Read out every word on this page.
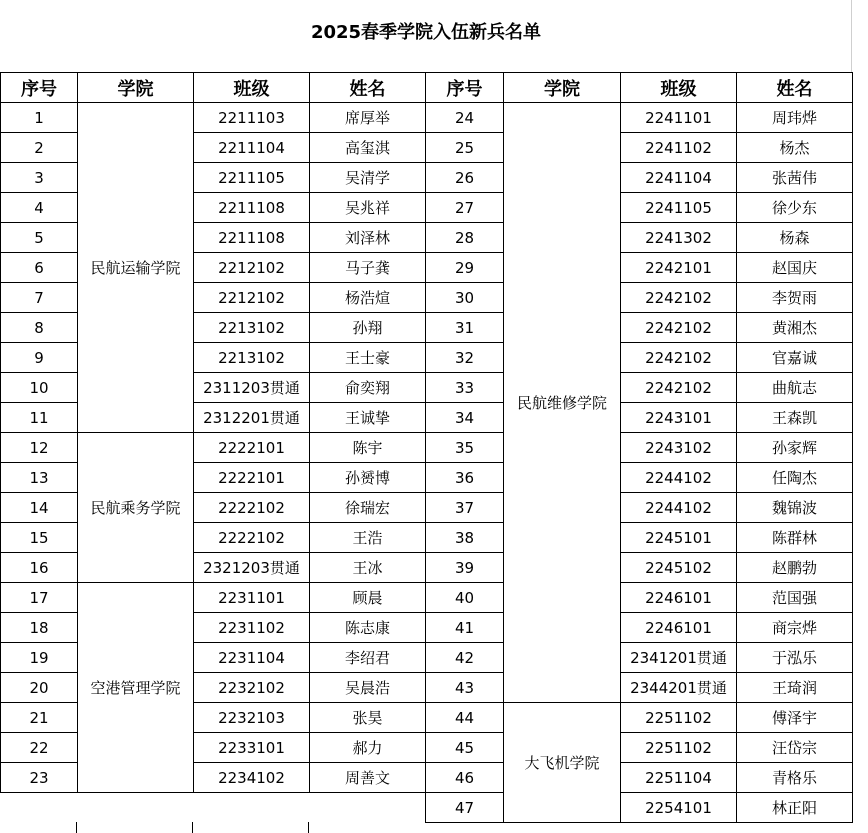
2025春季学院入伍新兵名单
序号	学院	班级	姓名	序号	学院	班级	姓名
1	民航运输学院	2211103	席厚举	24	民航维修学院	2241101	周玮烨
2		2211104	高玺淇	25		2241102	杨杰
3		2211105	吴清学	26		2241104	张茜伟
4		2211108	吴兆祥	27		2241105	徐少东
5		2211108	刘泽林	28		2241302	杨森
6		2212102	马子龚	29		2242101	赵国庆
7		2212102	杨浩煊	30		2242102	李贺雨
8		2213102	孙翔	31		2242102	黄湘杰
9		2213102	王士豪	32		2242102	官嘉诚
10		2311203贯通	俞奕翔	33		2242102	曲航志
11		2312201贯通	王诚挚	34		2243101	王森凯
12	民航乘务学院	2222101	陈宇	35		2243102	孙家辉
13		2222101	孙赟博	36		2244102	任陶杰
14		2222102	徐瑞宏	37		2244102	魏锦波
15		2222102	王浩	38		2245101	陈群林
16		2321203贯通	王冰	39		2245102	赵鹏勃
17	空港管理学院	2231101	顾晨	40		2246101	范国强
18		2231102	陈志康	41		2246101	商宗烨
19		2231104	李绍君	42		2341201贯通	于泓乐
20		2232102	吴晨浩	43		2344201贯通	王琦润
21		2232103	张昊	44	大飞机学院	2251102	傅泽宇
22		2233101	郝力	45		2251102	汪岱宗
23		2234102	周善文	46		2251104	青格乐
				47		2254101	林正阳
